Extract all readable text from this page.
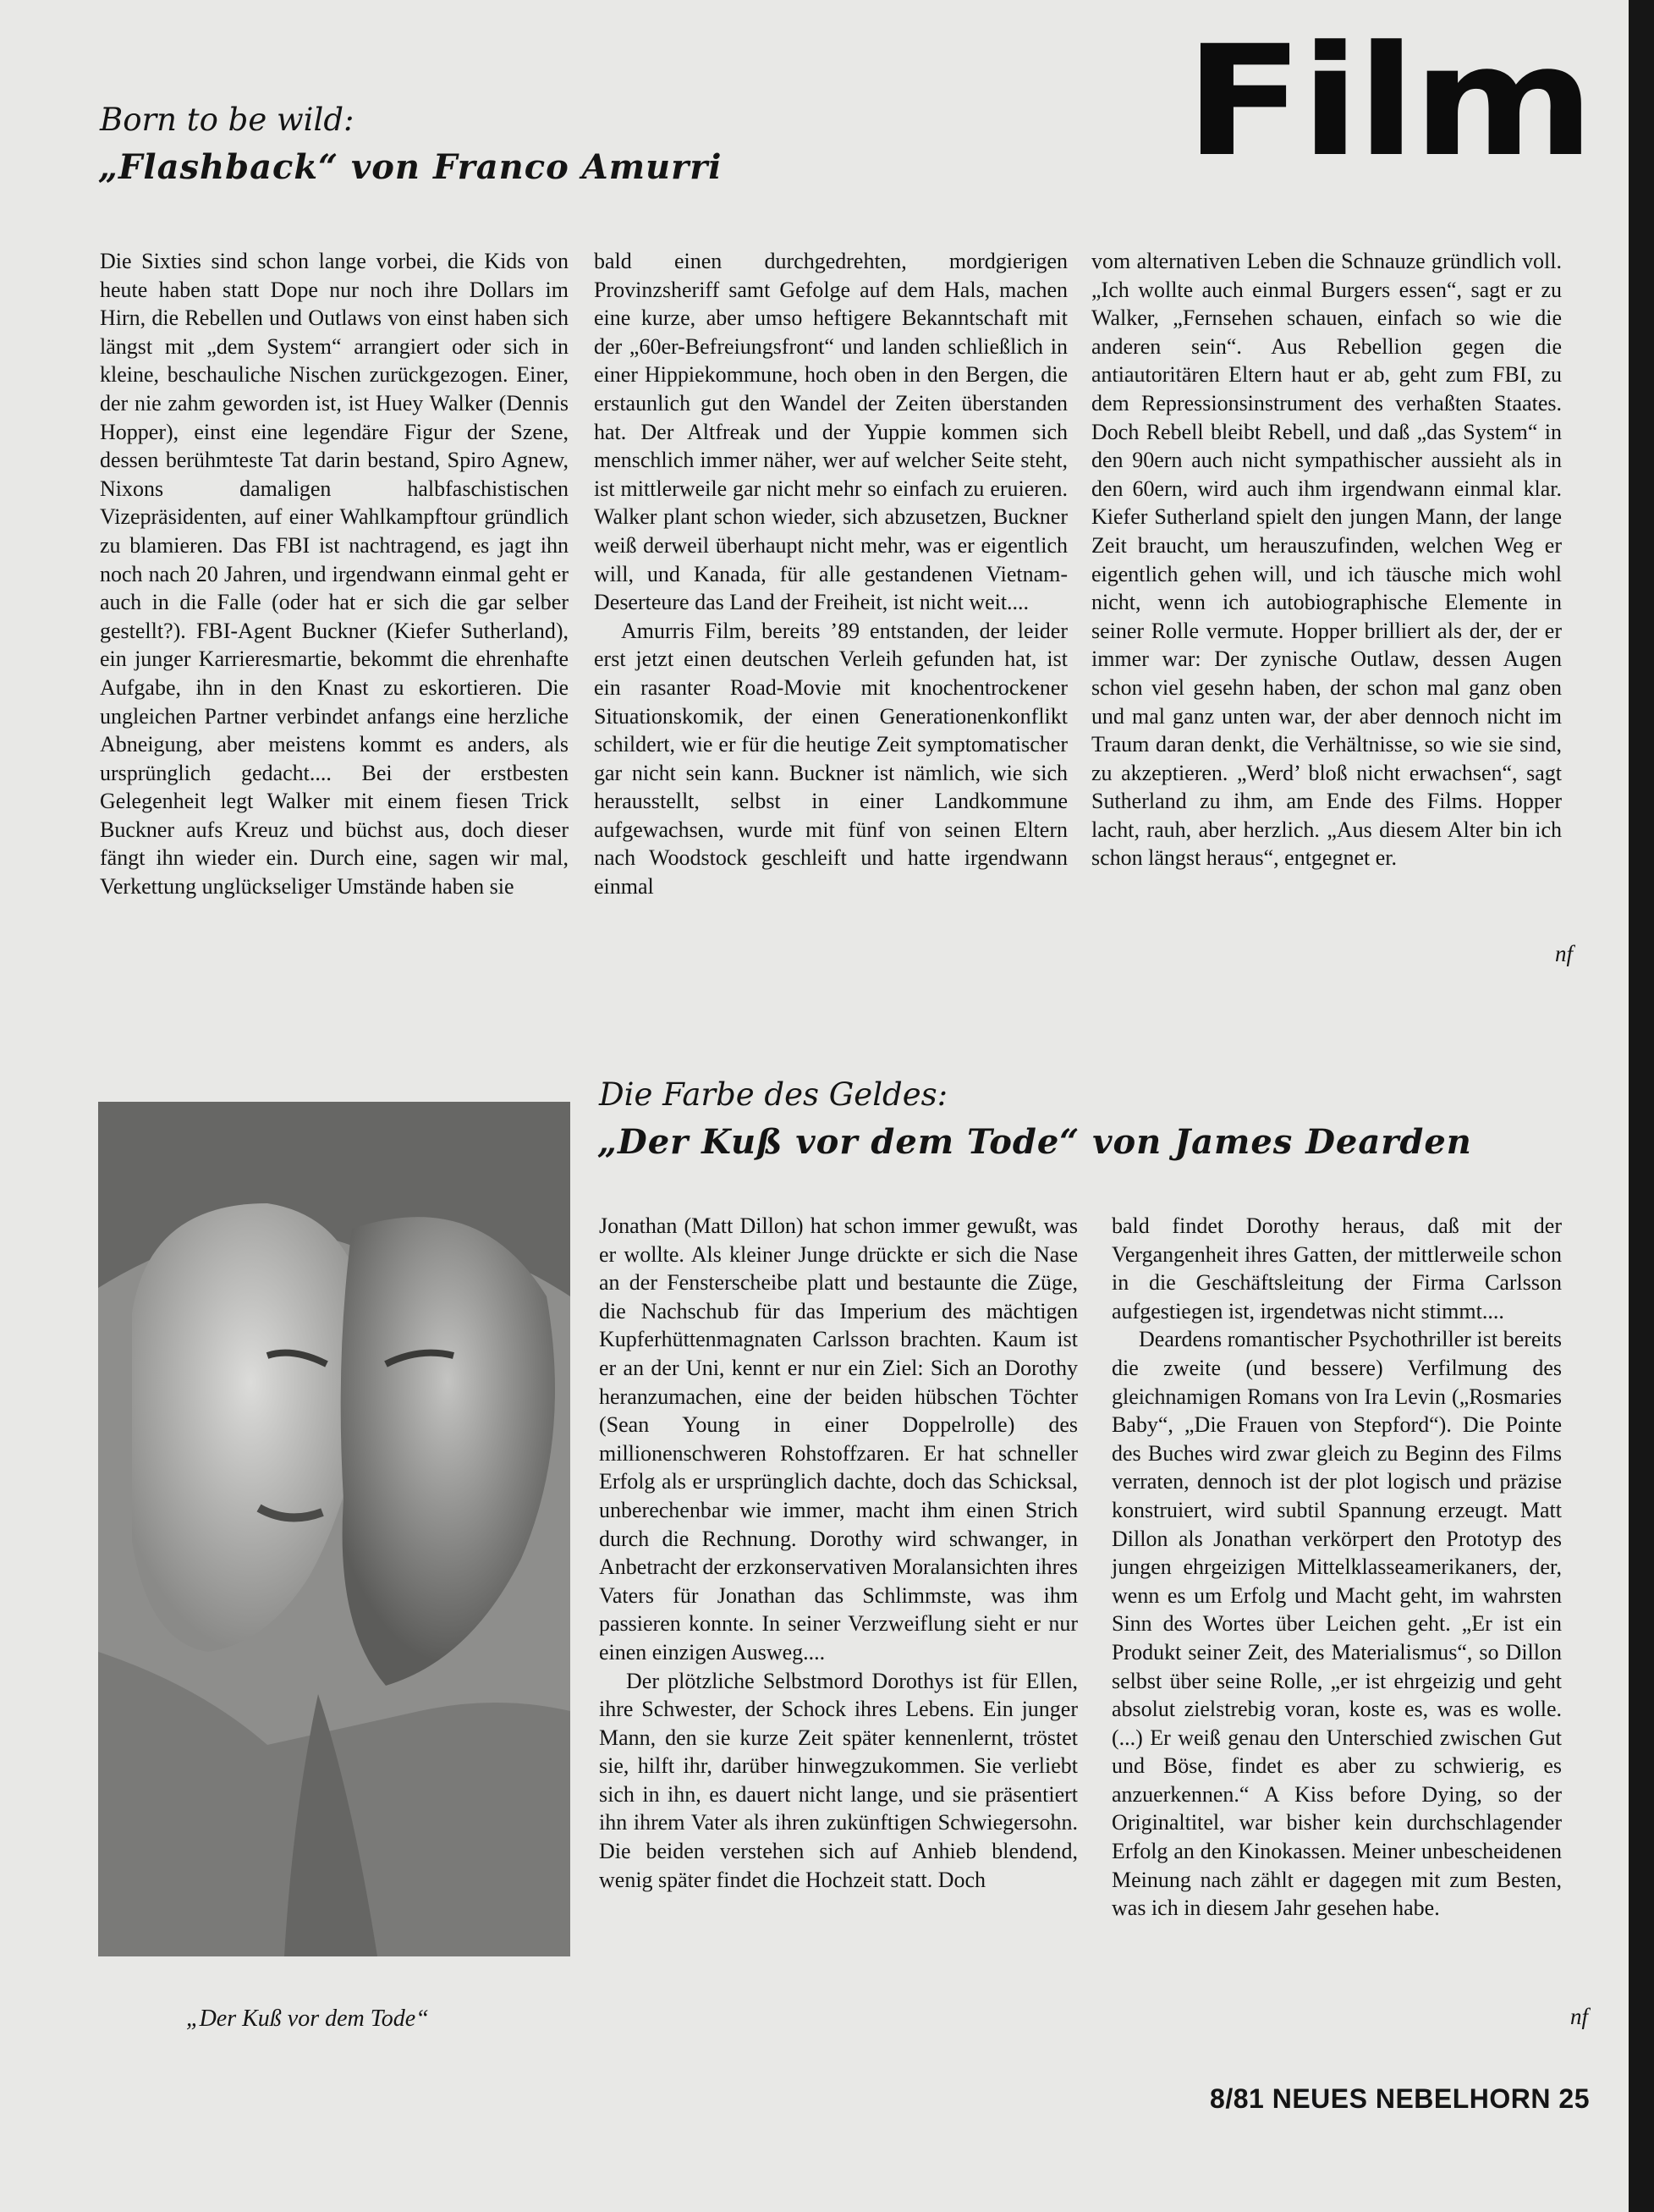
Film
Born to be wild:
„Flashback“ von Franco Amurri

Die Sixties sind schon lange vorbei, die Kids von heute haben statt Dope nur noch ihre Dollars im Hirn, die Rebellen und Outlaws von einst haben sich längst mit „dem System“ arrangiert oder sich in kleine, beschauliche Nischen zurückgezogen. Einer, der nie zahm geworden ist, ist Huey Walker (Dennis Hopper), einst eine legendäre Figur der Szene, dessen berühmteste Tat darin bestand, Spiro Agnew, Nixons damaligen halbfaschistischen Vizepräsidenten, auf einer Wahlkampftour gründlich zu blamieren. Das FBI ist nachtragend, es jagt ihn noch nach 20 Jahren, und irgendwann einmal geht er auch in die Falle (oder hat er sich die gar selber gestellt?). FBI-Agent Buckner (Kiefer Sutherland), ein junger Karrieresmartie, bekommt die ehrenhafte Aufgabe, ihn in den Knast zu eskortieren. Die ungleichen Partner verbindet anfangs eine herzliche Abneigung, aber meistens kommt es anders, als ursprünglich gedacht.... Bei der erstbesten Gelegenheit legt Walker mit einem fiesen Trick Buckner aufs Kreuz und büchst aus, doch dieser fängt ihn wieder ein. Durch eine, sagen wir mal, Verkettung unglückseliger Umstände haben sie

bald einen durchgedrehten, mordgierigen Provinzsheriff samt Gefolge auf dem Hals, machen eine kurze, aber umso heftigere Bekanntschaft mit der „60er-Befreiungsfront“ und landen schließlich in einer Hippiekommune, hoch oben in den Bergen, die erstaunlich gut den Wandel der Zeiten überstanden hat. Der Altfreak und der Yuppie kommen sich menschlich immer näher, wer auf welcher Seite steht, ist mittlerweile gar nicht mehr so einfach zu eruieren. Walker plant schon wieder, sich abzusetzen, Buckner weiß derweil überhaupt nicht mehr, was er eigentlich will, und Kanada, für alle gestandenen Vietnam-Deserteure das Land der Freiheit, ist nicht weit....

Amurris Film, bereits ’89 entstanden, der leider erst jetzt einen deutschen Verleih gefunden hat, ist ein rasanter Road-Movie mit knochentrockener Situationskomik, der einen Generationenkonflikt schildert, wie er für die heutige Zeit symptomatischer gar nicht sein kann. Buckner ist nämlich, wie sich herausstellt, selbst in einer Landkommune aufgewachsen, wurde mit fünf von seinen Eltern nach Woodstock geschleift und hatte irgendwann einmal

vom alternativen Leben die Schnauze gründlich voll. „Ich wollte auch einmal Burgers essen“, sagt er zu Walker, „Fernsehen schauen, einfach so wie die anderen sein“. Aus Rebellion gegen die antiautoritären Eltern haut er ab, geht zum FBI, zu dem Repressionsinstrument des verhaßten Staates. Doch Rebell bleibt Rebell, und daß „das System“ in den 90ern auch nicht sympathischer aussieht als in den 60ern, wird auch ihm irgendwann einmal klar. Kiefer Sutherland spielt den jungen Mann, der lange Zeit braucht, um herauszufinden, welchen Weg er eigentlich gehen will, und ich täusche mich wohl nicht, wenn ich autobiographische Elemente in seiner Rolle vermute. Hopper brilliert als der, der er immer war: Der zynische Outlaw, dessen Augen schon viel gesehn haben, der schon mal ganz oben und mal ganz unten war, der aber dennoch nicht im Traum daran denkt, die Verhältnisse, so wie sie sind, zu akzeptieren. „Werd’ bloß nicht erwachsen“, sagt Sutherland zu ihm, am Ende des Films. Hopper lacht, rauh, aber herzlich. „Aus diesem Alter bin ich schon längst heraus“, entgegnet er.

nf
Die Farbe des Geldes:
„Der Kuß vor dem Tode“ von James Dearden
„Der Kuß vor dem Tode“

Jonathan (Matt Dillon) hat schon immer gewußt, was er wollte. Als kleiner Junge drückte er sich die Nase an der Fensterscheibe platt und bestaunte die Züge, die Nachschub für das Imperium des mächtigen Kupferhüttenmagnaten Carlsson brachten. Kaum ist er an der Uni, kennt er nur ein Ziel: Sich an Dorothy heranzumachen, eine der beiden hübschen Töchter (Sean Young in einer Doppelrolle) des millionenschweren Rohstoffzaren. Er hat schneller Erfolg als er ursprünglich dachte, doch das Schicksal, unberechenbar wie immer, macht ihm einen Strich durch die Rechnung. Dorothy wird schwanger, in Anbetracht der erzkonservativen Moralansichten ihres Vaters für Jonathan das Schlimmste, was ihm passieren konnte. In seiner Verzweiflung sieht er nur einen einzigen Ausweg....

Der plötzliche Selbstmord Dorothys ist für Ellen, ihre Schwester, der Schock ihres Lebens. Ein junger Mann, den sie kurze Zeit später kennenlernt, tröstet sie, hilft ihr, darüber hinwegzukommen. Sie verliebt sich in ihn, es dauert nicht lange, und sie präsentiert ihn ihrem Vater als ihren zukünftigen Schwiegersohn. Die beiden verstehen sich auf Anhieb blendend, wenig später findet die Hochzeit statt. Doch

bald findet Dorothy heraus, daß mit der Vergangenheit ihres Gatten, der mittlerweile schon in die Geschäftsleitung der Firma Carlsson aufgestiegen ist, irgendetwas nicht stimmt....

Deardens romantischer Psychothriller ist bereits die zweite (und bessere) Verfilmung des gleichnamigen Romans von Ira Levin („Rosmaries Baby“, „Die Frauen von Stepford“). Die Pointe des Buches wird zwar gleich zu Beginn des Films verraten, dennoch ist der plot logisch und präzise konstruiert, wird subtil Spannung erzeugt. Matt Dillon als Jonathan verkörpert den Prototyp des jungen ehrgeizigen Mittelklasseamerikaners, der, wenn es um Erfolg und Macht geht, im wahrsten Sinn des Wortes über Leichen geht. „Er ist ein Produkt seiner Zeit, des Materialismus“, so Dillon selbst über seine Rolle, „er ist ehrgeizig und geht absolut zielstrebig voran, koste es, was es wolle. (...) Er weiß genau den Unterschied zwischen Gut und Böse, findet es aber zu schwierig, es anzuerkennen.“ A Kiss before Dying, so der Originaltitel, war bisher kein durchschlagender Erfolg an den Kinokassen. Meiner unbescheidenen Meinung nach zählt er dagegen mit zum Besten, was ich in diesem Jahr gesehen habe.

nf
8/81 NEUES NEBELHORN 25
